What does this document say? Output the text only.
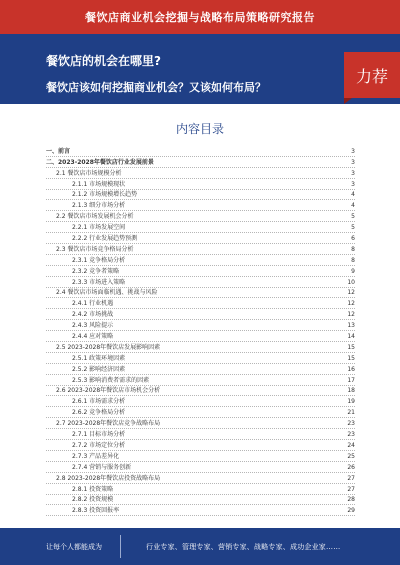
餐饮店商业机会挖掘与战略布局策略研究报告
餐饮店的机会在哪里?
餐饮店该如何挖掘商业机会？又该如何布局？
力荐
内容目录
一、前言	3
二、2023-2028年餐饮店行业发展前景	3
2.1 餐饮店市场规模分析	3
2.1.1 市场规模现状	3
2.1.2 市场规模增长趋势	4
2.1.3 细分市场分析	4
2.2 餐饮店市场发展机会分析	5
2.2.1 市场发展空间	5
2.2.2 行业发展趋势预测	6
2.3 餐饮店市场竞争格局分析	8
2.3.1 竞争格局分析	8
2.3.2 竞争者策略	9
2.3.3 市场进入策略	10
2.4 餐饮店市场面临机遇、挑战与风险	12
2.4.1 行业机遇	12
2.4.2 市场挑战	12
2.4.3 风险提示	13
2.4.4 应对策略	14
2.5 2023-2028年餐饮店发展影响因素	15
2.5.1 政策环境因素	15
2.5.2 影响经济因素	16
2.5.3 影响消费者需求的因素	17
2.6 2023-2028年餐饮店市场机会分析	18
2.6.1 市场需求分析	19
2.6.2 竞争格局分析	21
2.7 2023-2028年餐饮店竞争战略布局	23
2.7.1 目标市场分析	23
2.7.2 市场定位分析	24
2.7.3 产品差异化	25
2.7.4 营销与服务创新	26
2.8 2023-2028年餐饮店投资战略布局	27
2.8.1 投资策略	27
2.8.2 投资规模	28
2.8.3 投资回报率	29
让每个人都能成为	行业专家、管理专家、营销专家、战略专家、成功企业家……
